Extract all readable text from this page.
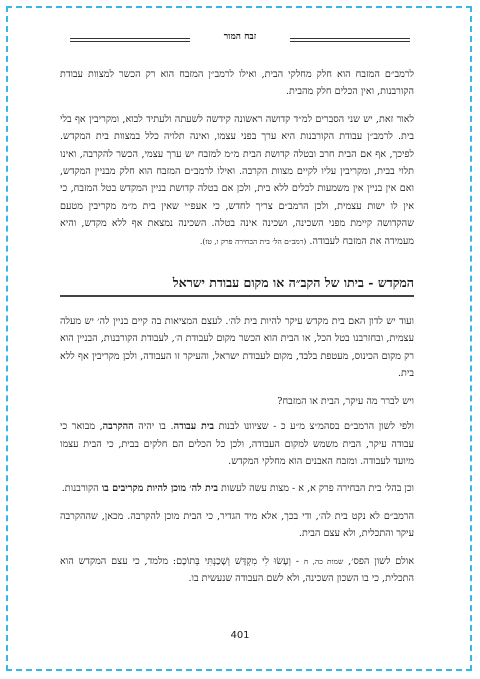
זבח המור

לרמב״ם המזבח הוא חלק מחלקי הבית, ואילו לרמב״ן המזבח הוא רק הכשר למצוות עבודת הקורבנות, ואין הכלים חלק מהבית.

לאור זאת, יש שני הסברים למ״ד קדושה ראשונה קידשה לשעתה ולעתיד לבוא, ומקריבין אף בלי בית. לרמב״ן עבודת הקורבנות היא ערך בפני עצמו, ואינה תלויה כלל במצוות בית המקדש. לפיכך, אף אם הבית חרב ובטלה קדושת הבית מ״מ למזבח יש ערך עצמי, הכשר להקרבה, ואינו תלוי בבית, ומקריבין עליו לקיים מצוות הקרבה. ואילו לרמב״ם המזבח הוא חלק מבניין המקדש, ואם אין בניין אין משמעות לכלים ללא בית, ולכן אם בטלה קדושת בניין המקדש בטל המזבח, כי אין לו ישות עצמית, ולכן הרמב״ם צריך לחדש, כי אעפ״י שאין בית מ״מ מקריבין מטעם שהקדושה קיימת מפני השכינה, ושכינה אינה בטלה. השכינה נמצאת אף ללא מקדש, והיא מעמידה את המזבח לעבודה. (רמב״ם הל׳ בית הבחירה פרק ו, טז).

המקדש - ביתו של הקב״ה או מקום עבודת ישראל

ועוד יש לדון האם בית מקדש עיקר להיות בית לה׳. לעצם המציאות בה קיים בניין לה׳ יש מעלה עצמית, ובחזרבנו בטל הכל, או הבית הוא הכשר מקום לעבודת ה׳, לעבודת הקורבנות, הבניין הוא רק מקום הכינוס, מעטפת בלבד, מקום לעבודת ישראל, והעיקר זו העבודה, ולכן מקריבין אף ללא בית.

ויש לברר מה עיקר, הבית או המזבח?

ולפי לשון הרמב״ם בסהמ״צ מ״ע כ - שציוונו לבנות בית עבודה. בו יהיה ההקרבה, מבואר כי עבודה עיקר, הבית משמש למקום העבודה, ולכן כל הכלים הם חלקים בבית, כי הבית עצמו מיועד לעבודה. ומזבח האבנים הוא מחלקי המקדש.

וכן בהל׳ בית הבחירה פרק א, א - מצות עשה לעשות בית לה׳ מוכן להיות מקריבים בו הקורבנות.

הרמב״ם לא נקט בית לה׳, ודי בכך, אלא מיד הגדיר, כי הבית מוכן להקרבה. מכאן, שההקרבה עיקר והתכלית, ולא עצם הבית.

אולם לשון הפס׳, שמות כה, ח - וְעָשׂוּ לִי מִקְדָּשׁ וְשָׁכַנְתִּי בְּתוֹכָם: מלמד, כי עצם המקדש הוא התכלית, כי בו השכון השכינה, ולא לשם העבודה שנעשית בו.

401
